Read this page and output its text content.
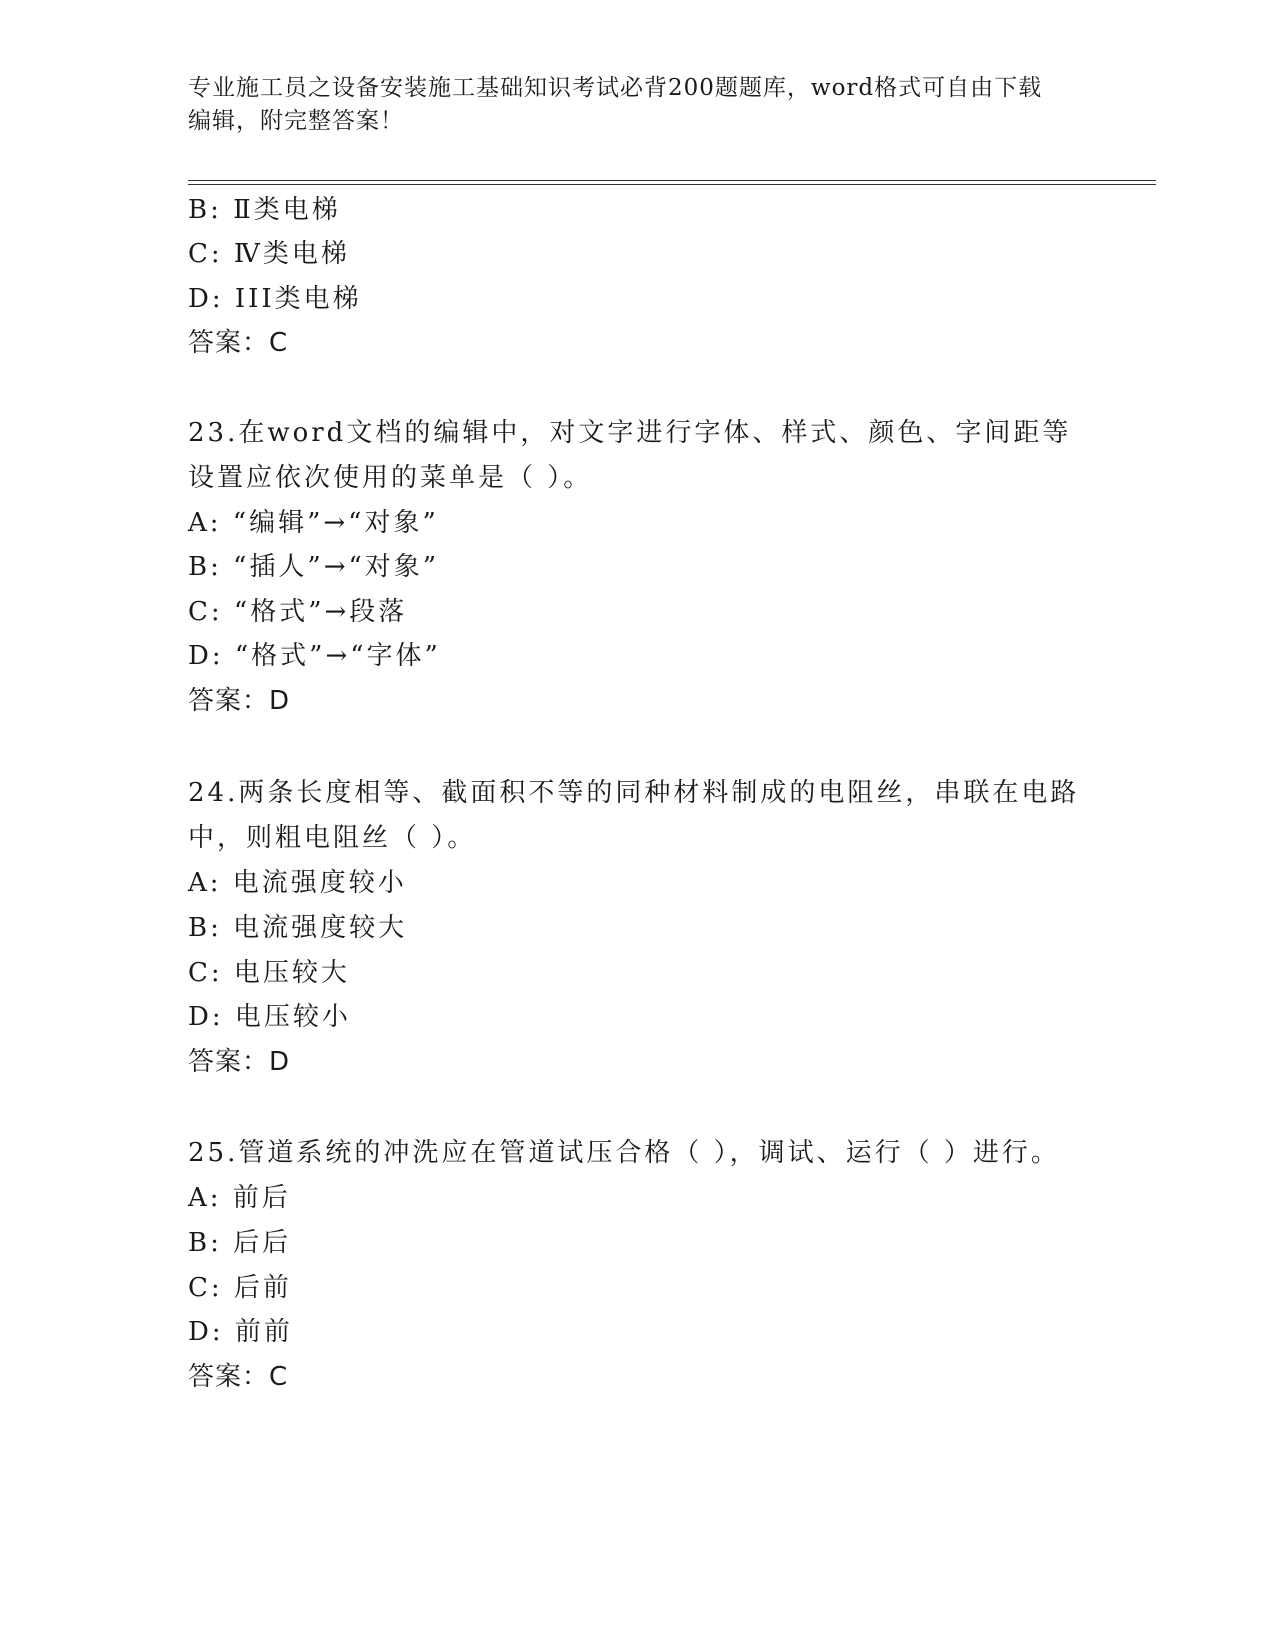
专业施工员之设备安装施工基础知识考试必背200题题库，word格式可自由下载
编辑，附完整答案！
B: Ⅱ类电梯
C: Ⅳ类电梯
D: III类电梯
答案：C
23.在word文档的编辑中，对文字进行字体、样式、颜色、字间距等
设置应依次使用的菜单是（ ）。
A: “编辑”→“对象”
B: “插人”→“对象”
C: “格式”→段落
D: “格式”→“字体”
答案：D
24.两条长度相等、截面积不等的同种材料制成的电阻丝，串联在电路
中，则粗电阻丝（ ）。
A: 电流强度较小
B: 电流强度较大
C: 电压较大
D: 电压较小
答案：D
25.管道系统的冲洗应在管道试压合格（ ），调试、运行（ ）进行。
A: 前后
B: 后后
C: 后前
D: 前前
答案：C
